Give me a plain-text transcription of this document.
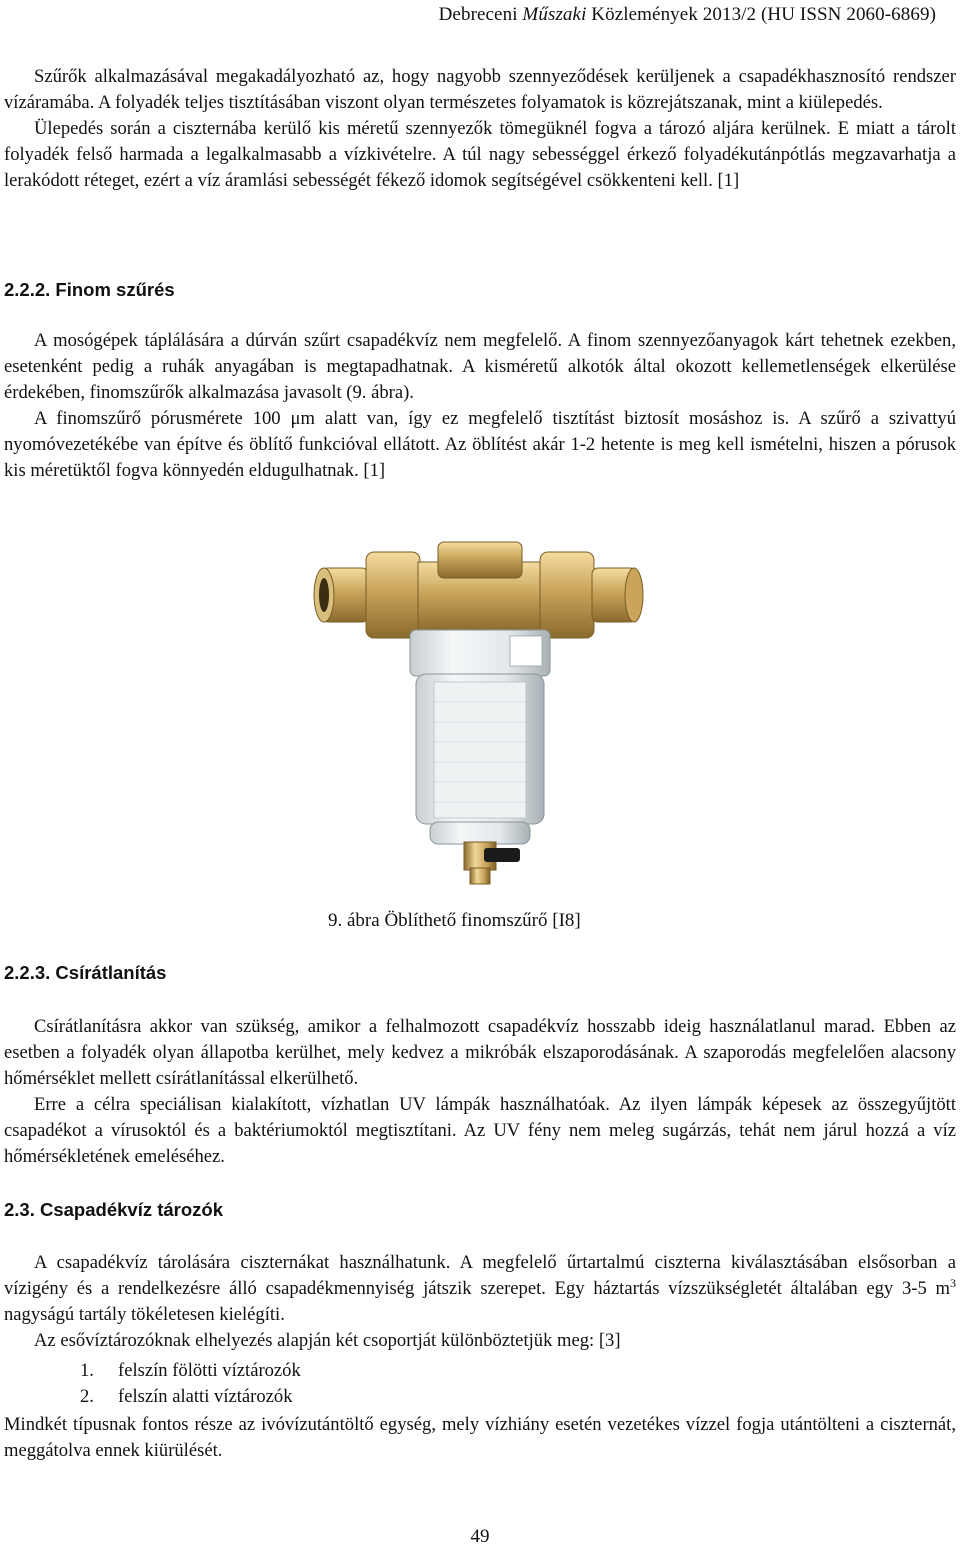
Debreceni Műszaki Közlemények 2013/2 (HU ISSN 2060-6869)

Szűrők alkalmazásával megakadályozható az, hogy nagyobb szennyeződések kerüljenek a csapadékhasznosító rendszer vízáramába. A folyadék teljes tisztításában viszont olyan természetes folyamatok is közrejátszanak, mint a kiülepedés.

Ülepedés során a ciszternába kerülő kis méretű szennyezők tömegüknél fogva a tározó aljára kerülnek. E miatt a tárolt folyadék felső harmada a legalkalmasabb a vízkivételre. A túl nagy sebességgel érkező folyadékutánpótlás megzavarhatja a lerakódott réteget, ezért a víz áramlási sebességét fékező idomok segítségével csökkenteni kell. [1]

2.2.2. Finom szűrés

A mosógépek táplálására a dúrván szűrt csapadékvíz nem megfelelő. A finom szennyezőanyagok kárt tehetnek ezekben, esetenként pedig a ruhák anyagában is megtapadhatnak. A kisméretű alkotók által okozott kellemetlenségek elkerülése érdekében, finomszűrők alkalmazása javasolt (9. ábra).

A finomszűrő pórusmérete 100 μm alatt van, így ez megfelelő tisztítást biztosít mosáshoz is. A szűrő a szivattyú nyomóvezetékébe van építve és öblítő funkcióval ellátott. Az öblítést akár 1-2 hetente is meg kell ismételni, hiszen a pórusok kis méretüktől fogva könnyedén eldugulhatnak. [1]

9. ábra Öblíthető finomszűrő [I8]
2.2.3. Csírátlanítás

Csírátlanításra akkor van szükség, amikor a felhalmozott csapadékvíz hosszabb ideig használatlanul marad. Ebben az esetben a folyadék olyan állapotba kerülhet, mely kedvez a mikróbák elszaporodásának. A szaporodás megfelelően alacsony hőmérséklet mellett csírátlanítással elkerülhető.

Erre a célra speciálisan kialakított, vízhatlan UV lámpák használhatóak. Az ilyen lámpák képesek az összegyűjtött csapadékot a vírusoktól és a baktériumoktól megtisztítani. Az UV fény nem meleg sugárzás, tehát nem járul hozzá a víz hőmérsékletének emeléséhez.

2.3. Csapadékvíz tározók

A csapadékvíz tárolására ciszternákat használhatunk. A megfelelő űrtartalmú ciszterna kiválasztásában elsősorban a vízigény és a rendelkezésre álló csapadékmennyiség játszik szerepet. Egy háztartás vízszükségletét általában egy 3-5 $m^3$ nagyságú tartály tökéletesen kielégíti.

Az esővíztározóknak elhelyezés alapján két csoportját különböztetjük meg: [3]

1. felszín fölötti víztározók
2. felszín alatti víztározók

Mindkét típusnak fontos része az ivóvízutántöltő egység, mely vízhiány esetén vezetékes vízzel fogja utántölteni a ciszternát, meggátolva ennek kiürülését.

49
